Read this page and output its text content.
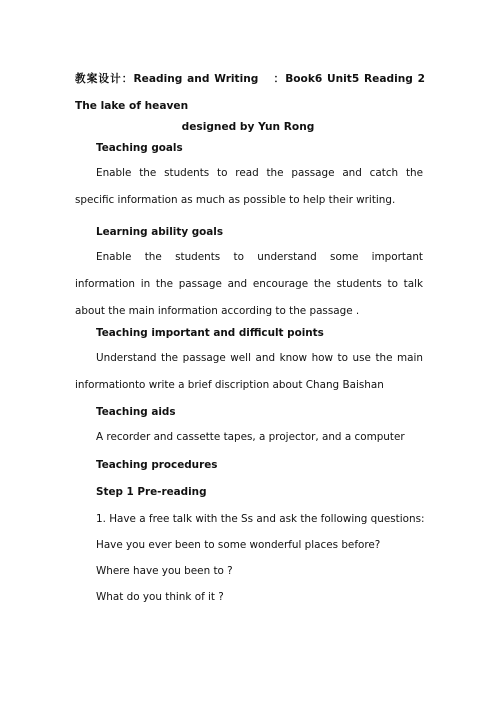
教案设计：Reading and Writing ：Book6 Unit5 Reading 2 The lake of heaven
designed by Yun Rong

Teaching goals

Enable the students to read the passage and catch the specific information as much as possible to help their writing.

Learning ability goals

Enable the students to understand some important information in the passage and encourage the students to talk about the main information according to the passage .

Teaching important and difficult points

Understand the passage well and know how to use the main informationto write a brief discription about Chang Baishan

Teaching aids

A recorder and cassette tapes, a projector, and a computer

Teaching procedures

Step 1 Pre-reading

1. Have a free talk with the Ss and ask the following questions:

Have you ever been to some wonderful places before?

Where have you been to ?

What do you think of it ?
